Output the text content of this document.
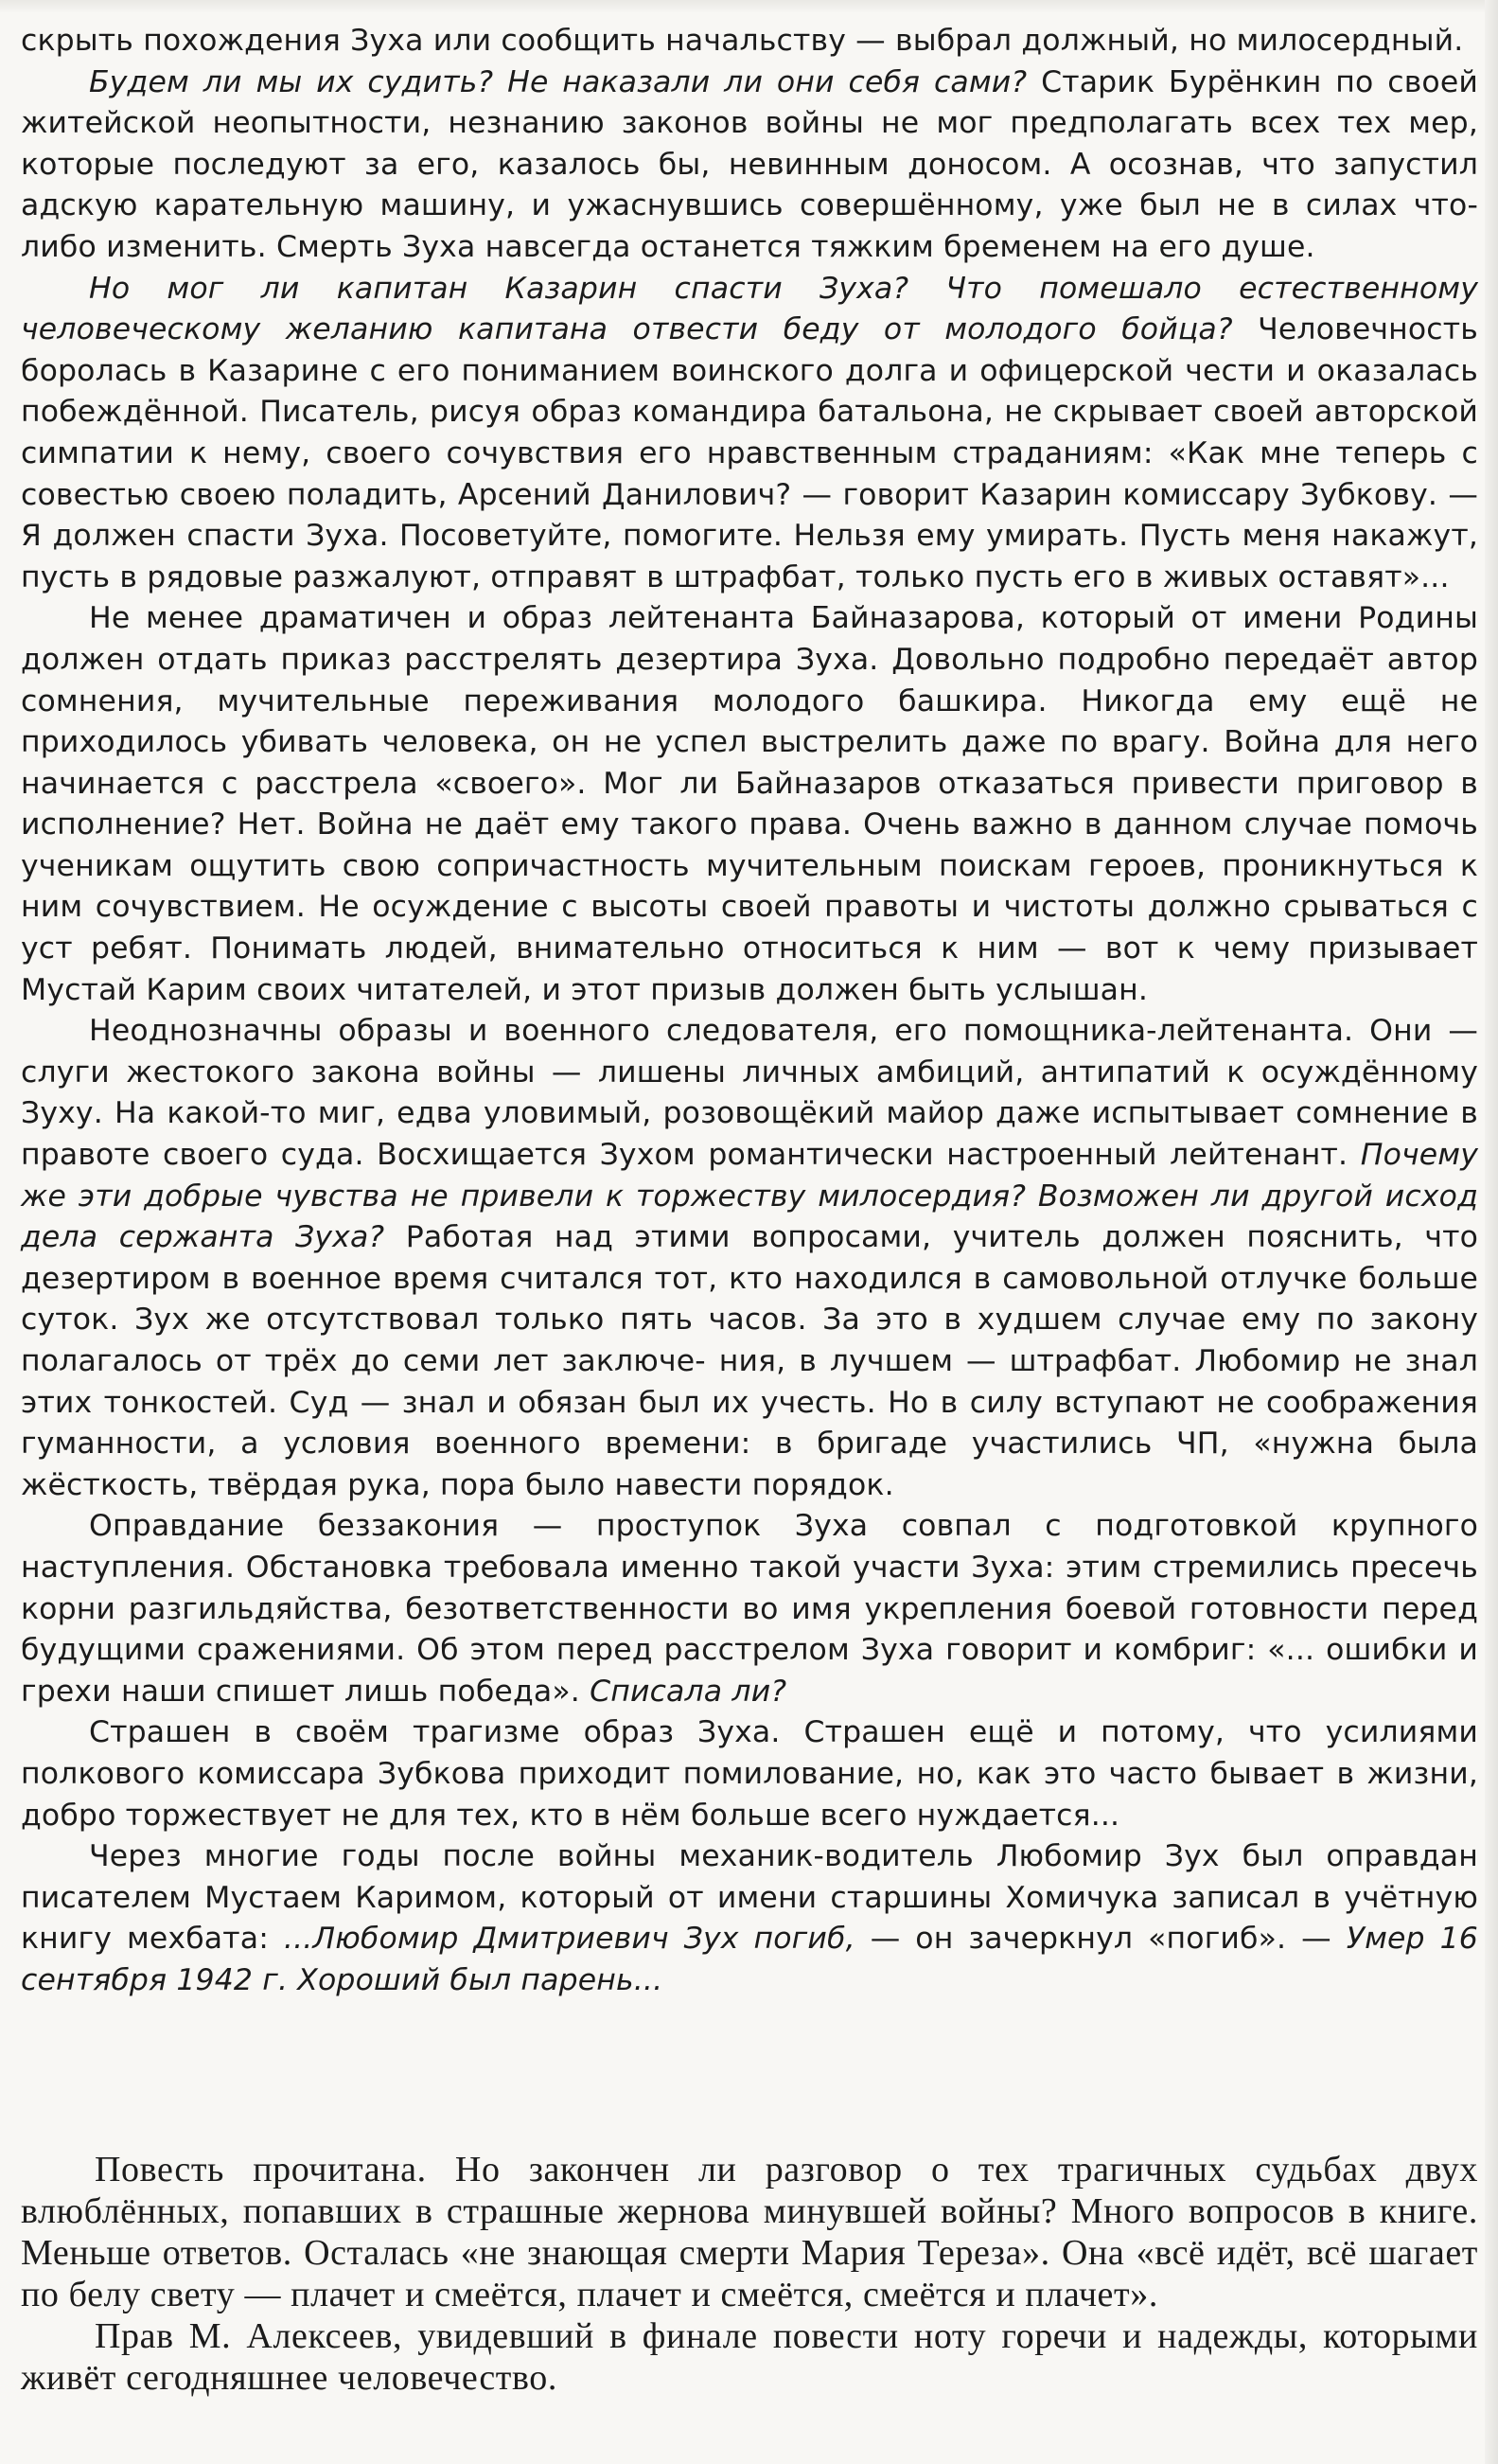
скрыть похождения Зуха или сообщить начальству — выбрал должный, но милосердный.

Будем ли мы их судить? Не наказали ли они себя сами? Старик Бурёнкин по своей житейской неопытности, незнанию законов войны не мог предполагать всех тех мер, которые последуют за его, казалось бы, невинным доносом. А осознав, что запустил адскую карательную машину, и ужаснувшись совершённому, уже был не в силах что-либо изменить. Смерть Зуха навсегда останется тяжким бременем на его душе.

Но мог ли капитан Казарин спасти Зуха? Что помешало естественному человеческому желанию капитана отвести беду от молодого бойца? Человечность боролась в Казарине с его пониманием воинского долга и офицерской чести и оказалась побеждённой. Писатель, рисуя образ командира батальона, не скрывает своей авторской симпатии к нему, своего сочувствия его нравственным страданиям: «Как мне теперь с совестью своею поладить, Арсений Данилович? — говорит Казарин комиссару Зубкову. — Я должен спасти Зуха. Посоветуйте, помогите. Нельзя ему умирать. Пусть меня накажут, пусть в рядовые разжалуют, отправят в штрафбат, только пусть его в живых оставят»...

Не менее драматичен и образ лейтенанта Байназарова, который от имени Родины должен отдать приказ расстрелять дезертира Зуха. Довольно подробно передаёт автор сомнения, мучительные переживания молодого башкира. Никогда ему ещё не приходилось убивать человека, он не успел выстрелить даже по врагу. Война для него начинается с расстрела «своего». Мог ли Байназаров отказаться привести приговор в исполнение? Нет. Война не даёт ему такого права. Очень важно в данном случае помочь ученикам ощутить свою сопричастность мучительным поискам героев, проникнуться к ним сочувствием. Не осуждение с высоты своей правоты и чистоты должно срываться с уст ребят. Понимать людей, внимательно относиться к ним — вот к чему призывает Мустай Карим своих читателей, и этот призыв должен быть услышан.

Неоднозначны образы и военного следователя, его помощника-лейтенанта. Они — слуги жестокого закона войны — лишены личных амбиций, антипатий к осуждённому Зуху. На какой-то миг, едва уловимый, розовощёкий майор даже испытывает сомнение в правоте своего суда. Восхищается Зухом романтически настроенный лейтенант. Почему же эти добрые чувства не привели к торжеству милосердия? Возможен ли другой исход дела сержанта Зуха? Работая над этими вопросами, учитель должен пояснить, что дезертиром в военное время считался тот, кто находился в самовольной отлучке больше суток. Зух же отсутствовал только пять часов. За это в худшем случае ему по закону полагалось от трёх до семи лет заключе- ния, в лучшем — штрафбат. Любомир не знал этих тонкостей. Суд — знал и обязан был их учесть. Но в силу вступают не соображения гуманности, а условия военного времени: в бригаде участились ЧП, «нужна была жёсткость, твёрдая рука, пора было навести порядок.

Оправдание беззакония — проступок Зуха совпал с подготовкой крупного наступления. Обстановка требовала именно такой участи Зуха: этим стремились пресечь корни разгильдяйства, безответственности во имя укрепления боевой готовности перед будущими сражениями. Об этом перед расстрелом Зуха говорит и комбриг: «... ошибки и грехи наши спишет лишь победа». Списала ли?

Страшен в своём трагизме образ Зуха. Страшен ещё и потому, что усилиями полкового комиссара Зубкова приходит помилование, но, как это часто бывает в жизни, добро торжествует не для тех, кто в нём больше всего нуждается...

Через многие годы после войны механик-водитель Любомир Зух был оправдан писателем Мустаем Каримом, который от имени старшины Хомичука записал в учётную книгу мехбата: ...Любомир Дмитриевич Зух погиб, — он зачеркнул «погиб». — Умер 16 сентября 1942 г. Хороший был парень...

Повесть прочитана. Но закончен ли разговор о тех трагичных судьбах двух влюблённых, попавших в страшные жернова минувшей войны? Много вопросов в книге. Меньше ответов. Осталась «не знающая смерти Мария Тереза». Она «всё идёт, всё шагает по белу свету — плачет и смеётся, плачет и смеётся, смеётся и плачет».

Прав М. Алексеев, увидевший в финале повести ноту горечи и надежды, которыми живёт сегодняшнее человечество.
